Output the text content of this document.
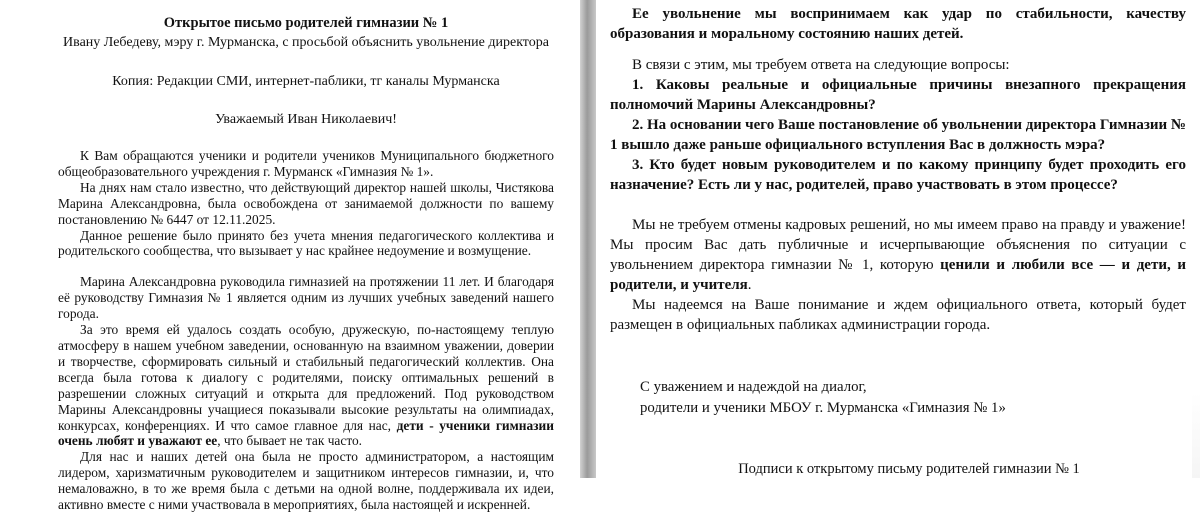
Открытое письмо родителей гимназии № 1

Ивану Лебедеву, мэру г. Мурманска, с просьбой объяснить увольнение директора

Копия: Редакции СМИ, интернет-паблики, тг каналы Мурманска

Уважаемый Иван Николаевич!

К Вам обращаются ученики и родители учеников Муниципального бюджетного общеобразовательного учреждения г. Мурманск «Гимназия № 1».

На днях нам стало известно, что действующий директор нашей школы, Чистякова Марина Александровна, была освобождена от занимаемой должности по вашему постановлению № 6447 от 12.11.2025.

Данное решение было принято без учета мнения педагогического коллектива и родительского сообщества, что вызывает у нас крайнее недоумение и возмущение.

Марина Александровна руководила гимназией на протяжении 11 лет. И благодаря её руководству Гимназия № 1 является одним из лучших учебных заведений нашего города.

За это время ей удалось создать особую, дружескую, по-настоящему теплую атмосферу в нашем учебном заведении, основанную на взаимном уважении, доверии и творчестве, сформировать сильный и стабильный педагогический коллектив. Она всегда была готова к диалогу с родителями, поиску оптимальных решений в разрешении сложных ситуаций и открыта для предложений. Под руководством Марины Александровны учащиеся показывали высокие результаты на олимпиадах, конкурсах, конференциях. И что самое главное для нас, дети - ученики гимназии очень любят и уважают ее, что бывает не так часто.

Для нас и наших детей она была не просто администратором, а настоящим лидером, харизматичным руководителем и защитником интересов гимназии, и, что немаловажно, в то же время была с детьми на одной волне, поддерживала их идеи, активно вместе с ними участвовала в мероприятиях, была настоящей и искренней.

Ее увольнение мы воспринимаем как удар по стабильности, качеству образования и моральному состоянию наших детей.

В связи с этим, мы требуем ответа на следующие вопросы:

1. Каковы реальные и официальные причины внезапного прекращения полномочий Марины Александровны?

2. На основании чего Ваше постановление об увольнении директора Гимназии № 1 вышло даже раньше официального вступления Вас в должность мэра?

3. Кто будет новым руководителем и по какому принципу будет проходить его назначение? Есть ли у нас, родителей, право участвовать в этом процессе?

Мы не требуем отмены кадровых решений, но мы имеем право на правду и уважение! Мы просим Вас дать публичные и исчерпывающие объяснения по ситуации с увольнением директора гимназии № 1, которую ценили и любили все — и дети, и родители, и учителя.

Мы надеемся на Ваше понимание и ждем официального ответа, который будет размещен в официальных пабликах администрации города.

С уважением и надеждой на диалог,

родители и ученики МБОУ г. Мурманска «Гимназия № 1»

Подписи к открытому письму родителей гимназии № 1
